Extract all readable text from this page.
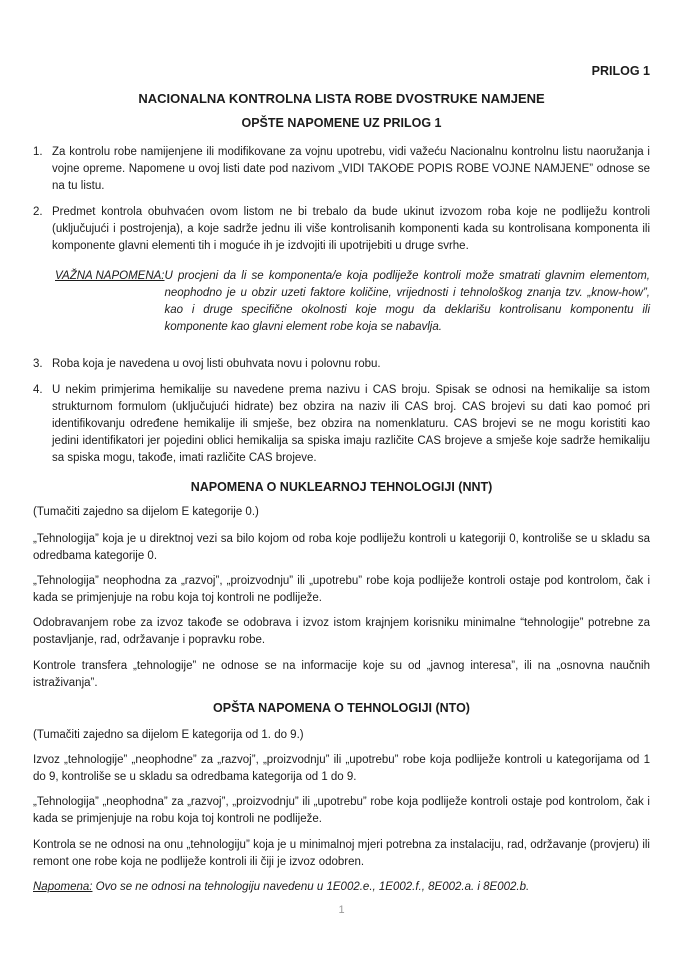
PRILOG 1
NACIONALNA KONTROLNA LISTA ROBE DVOSTRUKE NAMJENE
OPŠTE NAPOMENE UZ PRILOG 1
1. Za kontrolu robe namijenjene ili modifikovane za vojnu upotrebu, vidi važeću Nacionalnu kontrolnu listu naoružanja i vojne opreme. Napomene u ovoj listi date pod nazivom „VIDI TAKOĐE POPIS ROBE VOJNE NAMJENE” odnose se na tu listu.
2. Predmet kontrola obuhvaćen ovom listom ne bi trebalo da bude ukinut izvozom roba koje ne podliježu kontroli (uključujući i postrojenja), a koje sadrže jednu ili više kontrolisanih komponenti kada su kontrolisana komponenta ili komponente glavni elementi tih i moguće ih je izdvojiti ili upotrijebiti u druge svrhe.
VAŽNA NAPOMENA: U procjeni da li se komponenta/e koja podliježe kontroli može smatrati glavnim elementom, neophodno je u obzir uzeti faktore količine, vrijednosti i tehnološkog znanja tzv. „know-how”, kao i druge specifične okolnosti koje mogu da deklarišu kontrolisanu komponentu ili komponente kao glavni element robe koja se nabavlja.
3. Roba koja je navedena u ovoj listi obuhvata novu i polovnu robu.
4. U nekim primjerima hemikalije su navedene prema nazivu i CAS broju. Spisak se odnosi na hemikalije sa istom strukturnom formulom (uključujući hidrate) bez obzira na naziv ili CAS broj. CAS brojevi su dati kao pomoć pri identifikovanju određene hemikalije ili smješe, bez obzira na nomenklaturu. CAS brojevi se ne mogu koristiti kao jedini identifikatori jer pojedini oblici hemikalija sa spiska imaju različite CAS brojeve a smješe koje sadrže hemikaliju sa spiska mogu, takođe, imati različite CAS brojeve.
NAPOMENA O NUKLEARNOJ TEHNOLOGIJI (NNT)
(Tumačiti zajedno sa dijelom E kategorije 0.)
„Tehnologija” koja je u direktnoj vezi sa bilo kojom od roba koje podliježu kontroli u kategoriji 0, kontroliše se u skladu sa odredbama kategorije 0.
„Tehnologija” neophodna za „razvoj”, „proizvodnju” ili „upotrebu” robe koja podliježe kontroli ostaje pod kontrolom, čak i kada se primjenjuje na robu koja toj kontroli ne podliježe.
Odobravanjem robe za izvoz takođe se odobrava i izvoz istom krajnjem korisniku minimalne “tehnologije” potrebne za postavljanje, rad, održavanje i popravku robe.
Kontrole transfera „tehnologije” ne odnose se na informacije koje su od „javnog interesa”, ili na „osnovna naučnih istraživanja”.
OPŠTA NAPOMENA O TEHNOLOGIJI (NTO)
(Tumačiti zajedno sa dijelom E kategorija od 1. do 9.)
Izvoz „tehnologije” „neophodne” za „razvoj”, „proizvodnju” ili „upotrebu” robe koja podliježe kontroli u kategorijama od 1 do 9, kontroliše se u skladu sa odredbama kategorija od 1 do 9.
„Tehnologija” „neophodna” za „razvoj”, „proizvodnju” ili „upotrebu” robe koja podliježe kontroli ostaje pod kontrolom, čak i kada se primjenjuje na robu koja toj kontroli ne podliježe.
Kontrola se ne odnosi na onu „tehnologiju” koja je u minimalnoj mjeri potrebna za instalaciju, rad, održavanje (provjeru) ili remont one robe koja ne podliježe kontroli ili čiji je izvoz odobren.
Napomena: Ovo se ne odnosi na tehnologiju navedenu u 1E002.e., 1E002.f., 8E002.a. i 8E002.b.
1
